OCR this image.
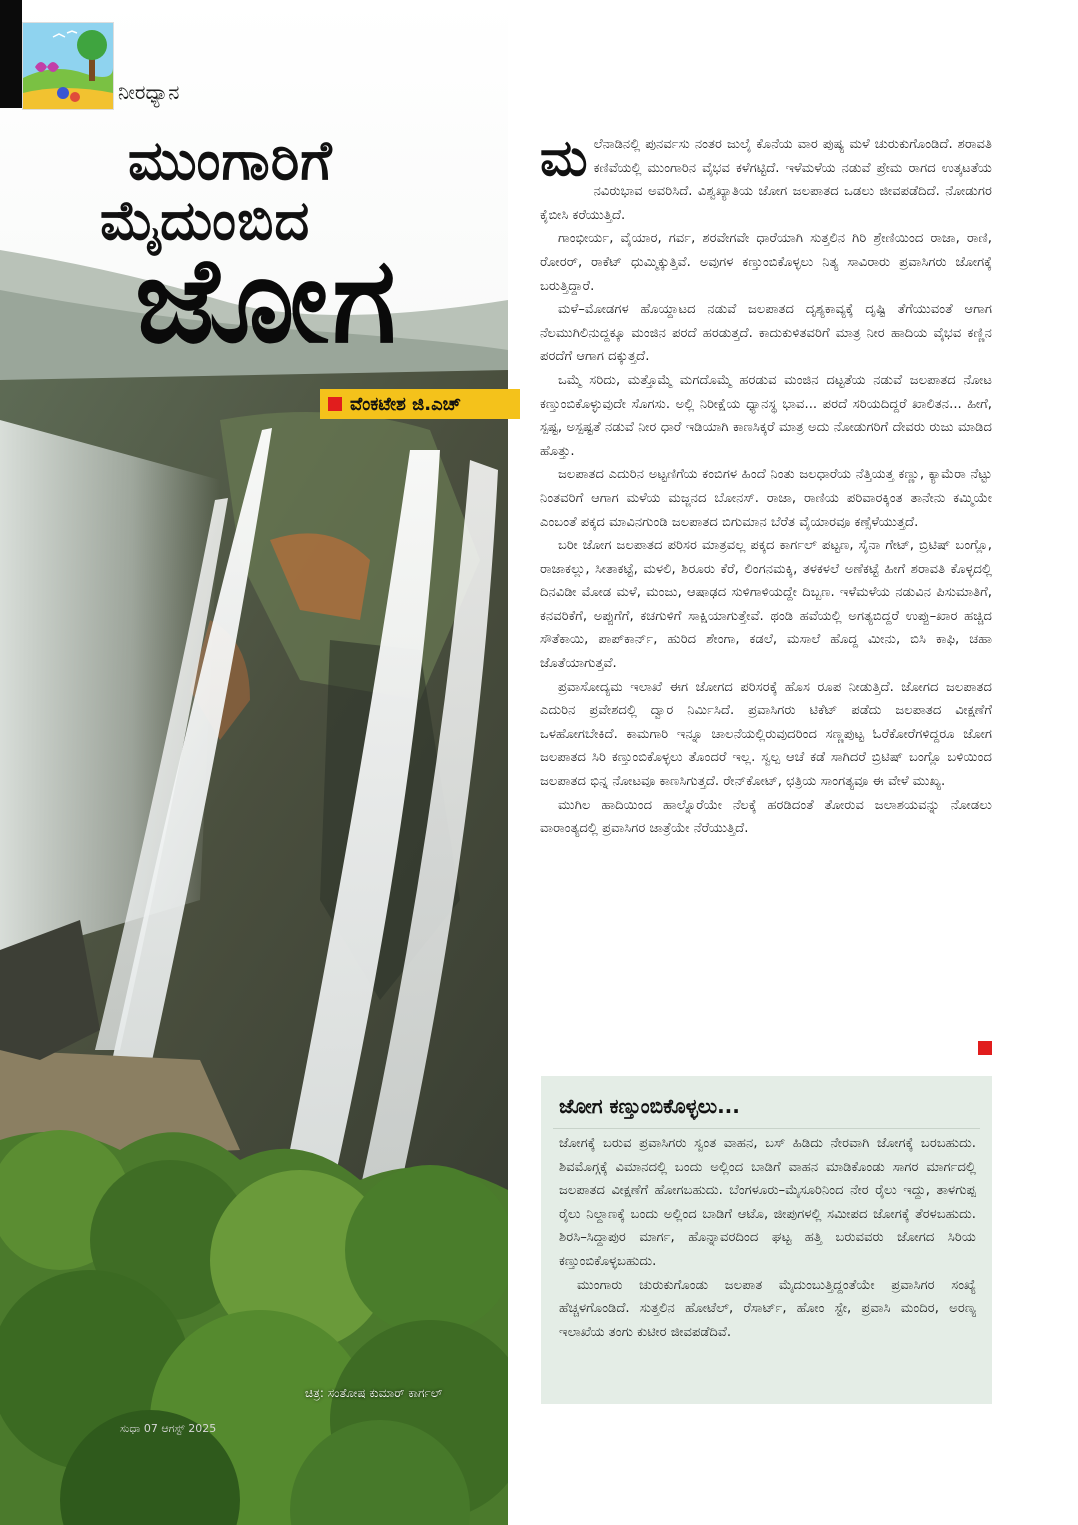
ನೀರಧ್ಯಾನ
ಮುಂಗಾರಿಗೆ
ಮೈದುಂಬಿದ
ಜೋಗ
ವೆಂಕಟೇಶ ಜಿ.ಎಚ್
ಚಿತ್ರ: ಸಂತೋಷ ಕುಮಾರ್ ಕಾರ್ಗಲ್
ಸುಧಾ 07 ಆಗಸ್ಟ್ 2025

ಮಲೆನಾಡಿನಲ್ಲಿ ಪುನರ್ವಸು ನಂತರ ಜುಲೈ ಕೊನೆಯ ವಾರ ಪುಷ್ಯ ಮಳೆ ಚುರುಕುಗೊಂಡಿದೆ. ಶರಾವತಿ ಕಣಿವೆಯಲ್ಲಿ ಮುಂಗಾರಿನ ವೈಭವ ಕಳೆಗಟ್ಟಿದೆ. ಇಳೆಮಳೆಯ ನಡುವೆ ಪ್ರೇಮ ರಾಗದ ಉತ್ಕಟತೆಯ ನವಿರುಭಾವ ಅವರಿಸಿದೆ. ವಿಶ್ವಖ್ಯಾತಿಯ ಜೋಗ ಜಲಪಾತದ ಒಡಲು ಜೀವಪಡೆದಿದೆ. ನೋಡುಗರ ಕೈಬೀಸಿ ಕರೆಯುತ್ತಿದೆ.

ಗಾಂಭೀರ್ಯ, ವೈಯಾರ, ಗರ್ವ, ಶರವೇಗವೇ ಧಾರೆಯಾಗಿ ಸುತ್ತಲಿನ ಗಿರಿ ಶ್ರೇಣಿಯಿಂದ ರಾಜಾ, ರಾಣಿ, ರೋರರ್, ರಾಕೆಟ್ ಧುಮ್ಮಿಕ್ಕುತ್ತಿವೆ. ಅವುಗಳ ಕಣ್ತುಂಬಿಕೊಳ್ಳಲು ನಿತ್ಯ ಸಾವಿರಾರು ಪ್ರವಾಸಿಗರು ಜೋಗಕ್ಕೆ ಬರುತ್ತಿದ್ದಾರೆ.

ಮಳೆ–ಮೋಡಗಳ ಹೊಯ್ದಾಟದ ನಡುವೆ ಜಲಪಾತದ ದೃಶ್ಯಕಾವ್ಯಕ್ಕೆ ದೃಷ್ಟಿ ತೆಗೆಯುವಂತೆ ಆಗಾಗ ನೆಲಮುಗಿಲಿನುದ್ದಕ್ಕೂ ಮಂಜಿನ ಪರದೆ ಹರಡುತ್ತದೆ. ಕಾದುಕುಳಿತವರಿಗೆ ಮಾತ್ರ ನೀರ ಹಾದಿಯ ವೈಭವ ಕಣ್ಣಿನ ಪರದೆಗೆ ಆಗಾಗ ದಕ್ಕುತ್ತದೆ.

ಒಮ್ಮೆ ಸರಿದು, ಮತ್ತೊಮ್ಮೆ ಮಗದೊಮ್ಮೆ ಹರಡುವ ಮಂಜಿನ ದಟ್ಟತೆಯ ನಡುವೆ ಜಲಪಾತದ ನೋಟ ಕಣ್ತುಂಬಿಕೊಳ್ಳುವುದೇ ಸೊಗಸು. ಅಲ್ಲಿ ನಿರೀಕ್ಷೆಯ ಧ್ಯಾನಸ್ಥ ಭಾವ... ಪರದೆ ಸರಿಯದಿದ್ದರೆ ಖಾಲಿತನ... ಹೀಗೆ, ಸ್ಪಷ್ಟ, ಅಸ್ಪಷ್ಟತೆ ನಡುವೆ ನೀರ ಧಾರೆ ಇಡಿಯಾಗಿ ಕಾಣಸಿಕ್ಕರೆ ಮಾತ್ರ ಅದು ನೋಡುಗರಿಗೆ ದೇವರು ರುಜು ಮಾಡಿದ ಹೊತ್ತು.

ಜಲಪಾತದ ಎದುರಿನ ಅಟ್ಟಣಿಗೆಯ ಕಂಬಿಗಳ ಹಿಂದೆ ನಿಂತು ಜಲಧಾರೆಯ ನೆತ್ತಿಯತ್ತ ಕಣ್ಣು, ಕ್ಯಾಮೆರಾ ನೆಟ್ಟು ನಿಂತವರಿಗೆ ಆಗಾಗ ಮಳೆಯ ಮಜ್ಜನದ ಬೋನಸ್. ರಾಜಾ, ರಾಣಿಯ ಪರಿವಾರಕ್ಕಿಂತ ತಾನೇನು ಕಮ್ಮಿಯೇ ಎಂಬಂತೆ ಪಕ್ಕದ ಮಾವಿನಗುಂಡಿ ಜಲಪಾತದ ಬಿಗುಮಾನ ಬೆರೆತ ವೈಯಾರವೂ ಕಣ್ಸೆಳೆಯುತ್ತದೆ.

ಬರೀ ಜೋಗ ಜಲಪಾತದ ಪರಿಸರ ಮಾತ್ರವಲ್ಲ ಪಕ್ಕದ ಕಾರ್ಗಲ್ ಪಟ್ಟಣ, ಸೈನಾ ಗೇಟ್, ಬ್ರಿಟಿಷ್ ಬಂಗ್ಲೊ, ರಾಜಾಕಲ್ಲು, ಸೀತಾಕಟ್ಟೆ, ಮಳಲಿ, ಶಿರೂರು ಕೆರೆ, ಲಿಂಗನಮಕ್ಕಿ, ತಳಕಳಲೆ ಅಣೆಕಟ್ಟೆ ಹೀಗೆ ಶರಾವತಿ ಕೊಳ್ಳದಲ್ಲಿ ದಿನವಿಡೀ ಮೋಡ ಮಳೆ, ಮಂಜು, ಆಷಾಢದ ಸುಳಿಗಾಳಿಯದ್ದೇ ದಿಬ್ಬಣ. ಇಳೆಮಳೆಯ ನಡುವಿನ ಪಿಸುಮಾತಿಗೆ, ಕನವರಿಕೆಗೆ, ಅಪ್ಪುಗೆಗೆ, ಕಚಗುಳಿಗೆ ಸಾಕ್ಷಿಯಾಗುತ್ತೇವೆ. ಥಂಡಿ ಹವೆಯಲ್ಲಿ ಅಗತ್ಯಬಿದ್ದರೆ ಉಪ್ಪು–ಖಾರ ಹಚ್ಚಿದ ಸೌತೆಕಾಯಿ, ಪಾಪ್‌ಕಾರ್ನ್, ಹುರಿದ ಶೇಂಗಾ, ಕಡಲೆ, ಮಸಾಲೆ ಹೊದ್ದ ಮೀನು, ಬಿಸಿ ಕಾಫಿ, ಚಹಾ ಜೊತೆಯಾಗುತ್ತವೆ.

ಪ್ರವಾಸೋದ್ಯಮ ಇಲಾಖೆ ಈಗ ಜೋಗದ ಪರಿಸರಕ್ಕೆ ಹೊಸ ರೂಪ ನೀಡುತ್ತಿದೆ. ಜೋಗದ ಜಲಪಾತದ ಎದುರಿನ ಪ್ರವೇಶದಲ್ಲಿ ದ್ವಾರ ನಿರ್ಮಿಸಿದೆ. ಪ್ರವಾಸಿಗರು ಟಿಕೆಟ್ ಪಡೆದು ಜಲಪಾತದ ವೀಕ್ಷಣೆಗೆ ಒಳಹೋಗಬೇಕಿದೆ. ಕಾಮಗಾರಿ ಇನ್ನೂ ಚಾಲನೆಯಲ್ಲಿರುವುದರಿಂದ ಸಣ್ಣಪುಟ್ಟ ಓರೆಕೋರೆಗಳಿದ್ದರೂ ಜೋಗ ಜಲಪಾತದ ಸಿರಿ ಕಣ್ತುಂಬಿಕೊಳ್ಳಲು ತೊಂದರೆ ಇಲ್ಲ. ಸ್ವಲ್ಪ ಆಚೆ ಕಡೆ ಸಾಗಿದರೆ ಬ್ರಿಟಿಷ್ ಬಂಗ್ಲೊ ಬಳಿಯಿಂದ ಜಲಪಾತದ ಭಿನ್ನ ನೋಟವೂ ಕಾಣಸಿಗುತ್ತದೆ. ರೇನ್‌ಕೋಟ್, ಛತ್ರಿಯ ಸಾಂಗತ್ಯವೂ ಈ ವೇಳೆ ಮುಖ್ಯ.

ಮುಗಿಲ ಹಾದಿಯಿಂದ ಹಾಲ್ನೊರೆಯೇ ನೆಲಕ್ಕೆ ಹರಡಿದಂತೆ ತೋರುವ ಜಲಾಶಯವನ್ನು ನೋಡಲು ವಾರಾಂತ್ಯದಲ್ಲಿ ಪ್ರವಾಸಿಗರ ಜಾತ್ರೆಯೇ ನೆರೆಯುತ್ತಿದೆ.

ಜೋಗ ಕಣ್ತುಂಬಿಕೊಳ್ಳಲು...

ಜೋಗಕ್ಕೆ ಬರುವ ಪ್ರವಾಸಿಗರು ಸ್ವಂತ ವಾಹನ, ಬಸ್ ಹಿಡಿದು ನೇರವಾಗಿ ಜೋಗಕ್ಕೆ ಬರಬಹುದು. ಶಿವಮೊಗ್ಗಕ್ಕೆ ವಿಮಾನದಲ್ಲಿ ಬಂದು ಅಲ್ಲಿಂದ ಬಾಡಿಗೆ ವಾಹನ ಮಾಡಿಕೊಂಡು ಸಾಗರ ಮಾರ್ಗದಲ್ಲಿ ಜಲಪಾತದ ವೀಕ್ಷಣೆಗೆ ಹೋಗಬಹುದು. ಬೆಂಗಳೂರು–ಮೈಸೂರಿನಿಂದ ನೇರ ರೈಲು ಇದ್ದು, ತಾಳಗುಪ್ಪ ರೈಲು ನಿಲ್ದಾಣಕ್ಕೆ ಬಂದು ಅಲ್ಲಿಂದ ಬಾಡಿಗೆ ಆಟೊ, ಜೀಪುಗಳಲ್ಲಿ ಸಮೀಪದ ಜೋಗಕ್ಕೆ ತೆರಳಬಹುದು. ಶಿರಸಿ–ಸಿದ್ದಾಪುರ ಮಾರ್ಗ, ಹೊನ್ನಾವರದಿಂದ ಘಟ್ಟ ಹತ್ತಿ ಬರುವವರು ಜೋಗದ ಸಿರಿಯ ಕಣ್ತುಂಬಿಕೊಳ್ಳಬಹುದು.

ಮುಂಗಾರು ಚುರುಕುಗೊಂಡು ಜಲಪಾತ ಮೈದುಂಬುತ್ತಿದ್ದಂತೆಯೇ ಪ್ರವಾಸಿಗರ ಸಂಖ್ಯೆ ಹೆಚ್ಚಳಗೊಂಡಿದೆ. ಸುತ್ತಲಿನ ಹೋಟೆಲ್, ರೆಸಾರ್ಟ್, ಹೋಂ ಸ್ಟೇ, ಪ್ರವಾಸಿ ಮಂದಿರ, ಅರಣ್ಯ ಇಲಾಖೆಯ ತಂಗು ಕುಟೀರ ಜೀವಪಡೆದಿವೆ.
